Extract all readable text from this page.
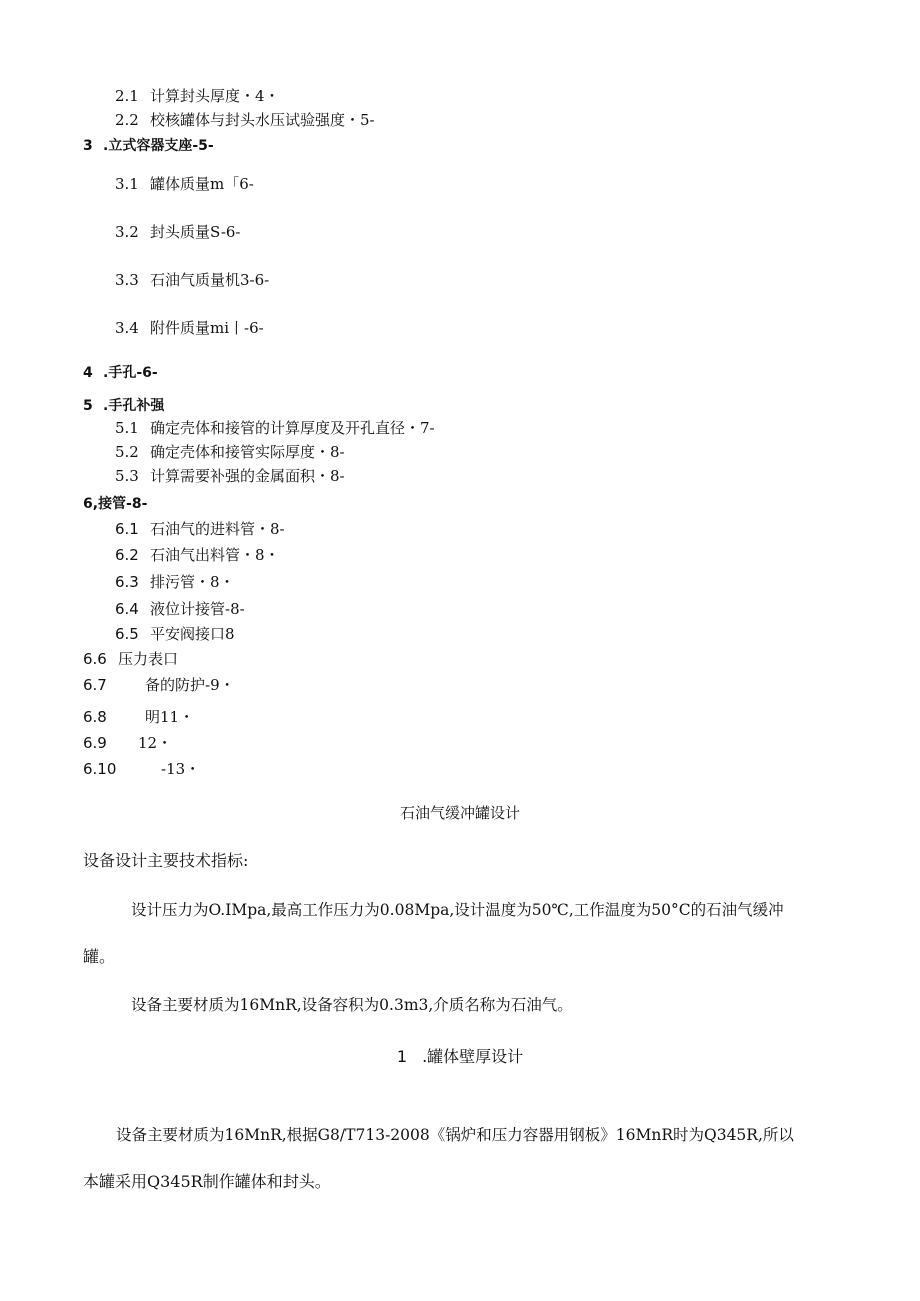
2.1 计算封头厚度・4・
2.2 校核罐体与封头水压试验强度・5-
3 .立式容器支座-5-
3.1 罐体质量m「6-
3.2 封头质量S-6-
3.3 石油气质量机3-6-
3.4 附件质量mi丨-6-
4 .手孔-6-
5 .手孔补强
5.1 确定壳体和接管的计算厚度及开孔直径・7-
5.2 确定壳体和接管实际厚度・8-
5.3 计算需要补强的金属面积・8-
6,接管-8-
6.1 石油气的进料管・8-
6.2 石油气出料管・8・
6.3 排污管・8・
6.4 液位计接管-8-
6.5 平安阀接口8
6.6 压力表口
6.7	备的防护-9・
6.8	明11・
6.9 12・
6.10	-13・
石油气缓冲罐设计
设备设计主要技术指标:
设计压力为O.IMpa,最高工作压力为0.08Mpa,设计温度为50℃,工作温度为50°C的石油气缓冲
罐。
设备主要材质为16MnR,设备容积为0.3m3,介质名称为石油气。
1 .罐体壁厚设计
设备主要材质为16MnR,根据G8/T713-2008《锅炉和压力容器用钢板》16MnR时为Q345R,所以
本罐采用Q345R制作罐体和封头。
